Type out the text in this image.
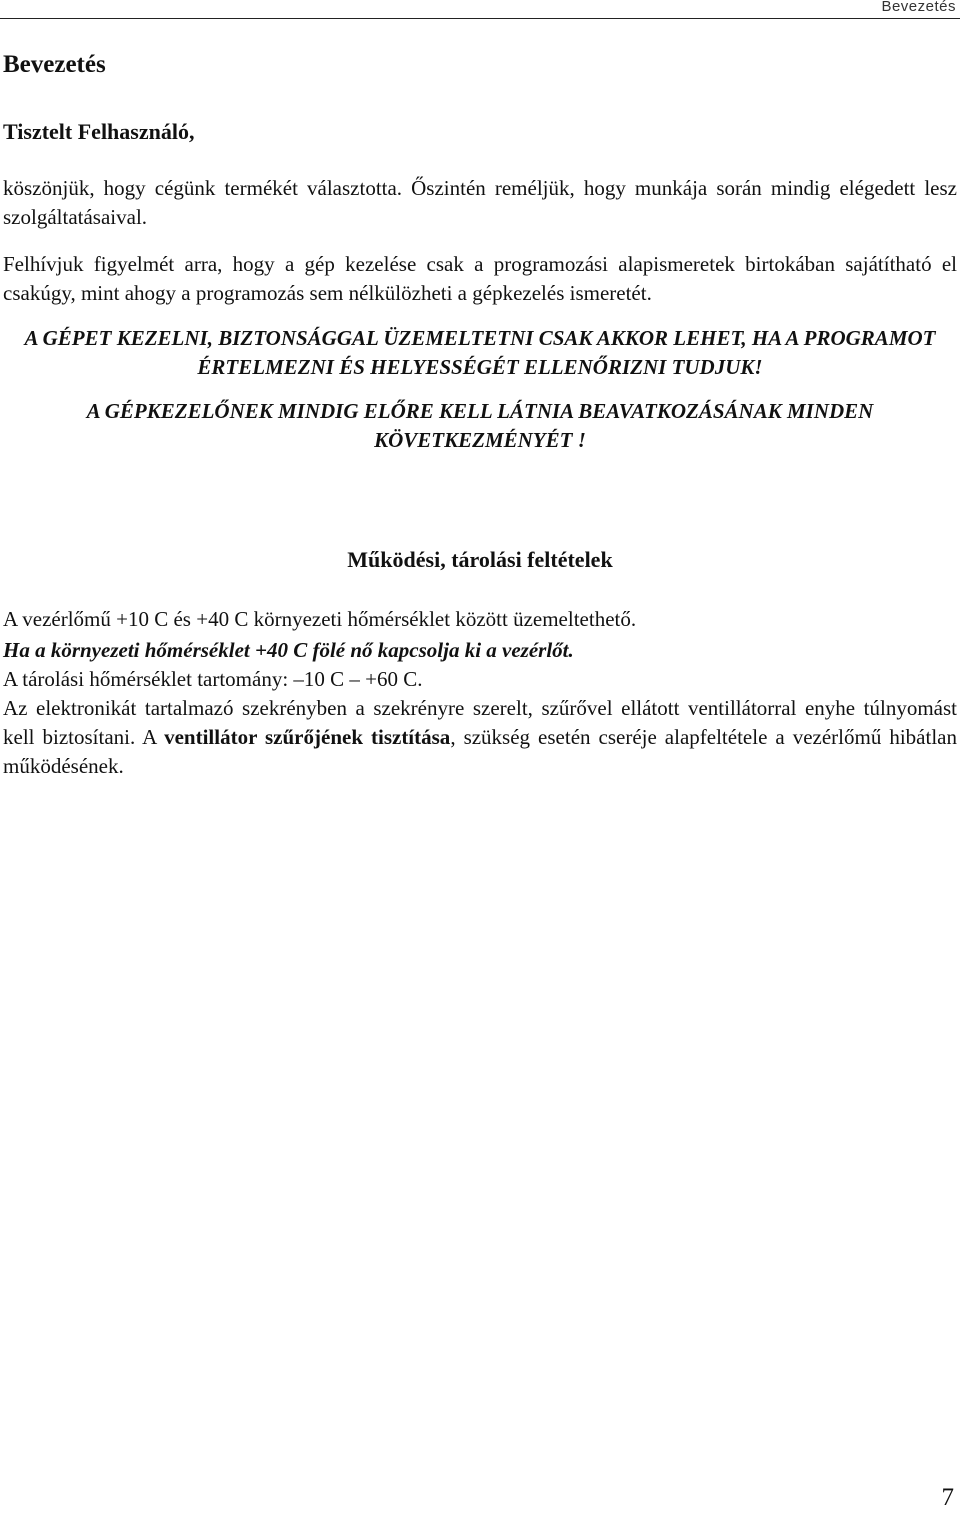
Bevezetés
Bevezetés
Tisztelt Felhasználó,
köszönjük, hogy cégünk termékét választotta. Őszintén reméljük, hogy munkája során mindig elégedett lesz szolgáltatásaival.
Felhívjuk figyelmét arra, hogy a gép kezelése csak a programozási alapismeretek birtokában sajátítható el csakúgy, mint ahogy a programozás sem nélkülözheti a gépkezelés ismeretét.
A GÉPET KEZELNI, BIZTONSÁGGAL ÜZEMELTETNI CSAK AKKOR LEHET, HA A PROGRAMOT ÉRTELMEZNI ÉS HELYESSÉGÉT ELLENŐRIZNI TUDJUK!
A GÉPKEZELŐNEK MINDIG ELŐRE KELL LÁTNIA BEAVATKOZÁSÁNAK MINDEN KÖVETKEZMÉNYÉT !
Működési, tárolási feltételek
A vezérlőmű +10 C és +40 C környezeti hőmérséklet között üzemeltethető.
Ha a környezeti hőmérséklet +40 C fölé nő kapcsolja ki a vezérlőt.
A tárolási hőmérséklet tartomány: –10 C – +60 C.
Az elektronikát tartalmazó szekrényben a szekrényre szerelt, szűrővel ellátott ventillátorral enyhe túlnyomást kell biztosítani. A ventillátor szűrőjének tisztítása, szükség esetén cseréje alapfeltétele a vezérlőmű hibátlan működésének.
7
